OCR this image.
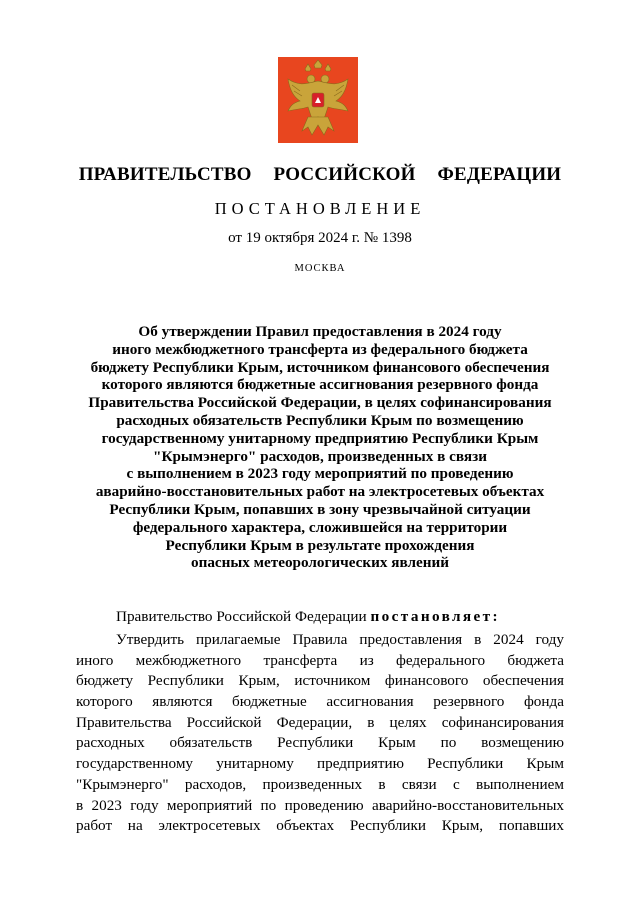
ПРАВИТЕЛЬСТВО  РОССИЙСКОЙ  ФЕДЕРАЦИИ
ПОСТАНОВЛЕНИЕ
от 19 октября 2024 г. № 1398
МОСКВА
Об утверждении Правил предоставления в 2024 году
иного межбюджетного трансферта из федерального бюджета
бюджету Республики Крым, источником финансового обеспечения
которого являются бюджетные ассигнования резервного фонда
Правительства Российской Федерации, в целях софинансирования
расходных обязательств Республики Крым по возмещению
государственному унитарному предприятию Республики Крым
"Крымэнерго" расходов, произведенных в связи
с выполнением в 2023 году мероприятий по проведению
аварийно-восстановительных работ на электросетевых объектах
Республики Крым, попавших в зону чрезвычайной ситуации
федерального характера, сложившейся на территории
Республики Крым в результате прохождения
опасных метеорологических явлений
Правительство Российской Федерации постановляет:
Утвердить прилагаемые Правила предоставления в 2024 году
иного межбюджетного трансферта из федерального бюджета
бюджету Республики Крым, источником финансового обеспечения
которого являются бюджетные ассигнования резервного фонда
Правительства Российской Федерации, в целях софинансирования
расходных обязательств Республики Крым по возмещению
государственному унитарному предприятию Республики Крым
"Крымэнерго" расходов, произведенных в связи с выполнением
в 2023 году мероприятий по проведению аварийно-восстановительных
работ на электросетевых объектах Республики Крым, попавших
